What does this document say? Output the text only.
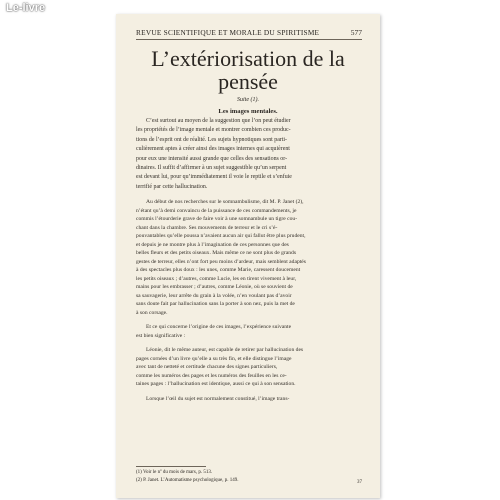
Le-livre
REVUE SCIENTIFIQUE ET MORALE DU SPIRITISME	577
L’extériorisation de la
pensée
Suite (1).
Les images mentales.
C’est surtout au moyen de la suggestion que l’on peut étudier
les propriétés de l’image mentale et montrer combien ces produc-
tions de l’esprit ont de réalité. Les sujets hypnotiques sont parti-
culièrement aptes à créer ainsi des images internes qui acquièrent
pour eux une intensité aussi grande que celles des sensations or-
dinaires. Il suffit d’affirmer à un sujet suggestible qu’un serpent
est devant lui, pour qu’immédiatement il voie le reptile et s’enfuie
terrifié par cette hallucination.
Au début de nos recherches sur le somnambulisme, dit M. P. Janet (2),
n’étant qu’à demi convaincu de la puissance de ces commandements, je
commis l’étourderie grave de faire voir à une somnambule un tigre cou-
chant dans la chambre. Ses mouvements de terreur et le cri s’é-
pouvantables qu’elle poussa n’avaient aucun air qui fallut être plus prudent,
et depuis je ne montre plus à l’imagination de ces personnes que des
belles fleurs et des petits oiseaux. Mais même ce ne sont plus de grands
gestes de terreur, elles n’ont fort peu moins d’ardeur, mais semblent adaptés
à des spectacles plus doux : les unes, comme Marie, caressent doucement
les petits oiseaux ; d’autres, comme Lucie, les en tirent vivement à leur,
mains pour les embrasser ; d’autres, comme Léonie, où se souvient de
sa sauvagerie, leur arrête du grain à la volée, n’en voulant pas d’avoir
sans doute fait par hallucination sans la porter à son nez, puis la met de
à son corsage.
Et ce qui concerne l’origine de ces images, l’expérience suivante
est bien significative :
Léonie, dit le même auteur, est capable de retirer par hallucination des
pages cornées d’un livre qu’elle a su très fin, et elle distingue l’image
avec tant de netteté et certitude chacune des signes particuliers,
comme les numéros des pages et les numéros des feuilles en les ce-
taines pages : l’hallucination est identique, aussi ce qui à son sensation.
Lorsque l’œil du sujet est normalement constitué, l’image trans-
(1) Voir le nº du mois de mars, p. 513.
(2) P. Janet. L’Automatisme psychologique, p. 149.	37
